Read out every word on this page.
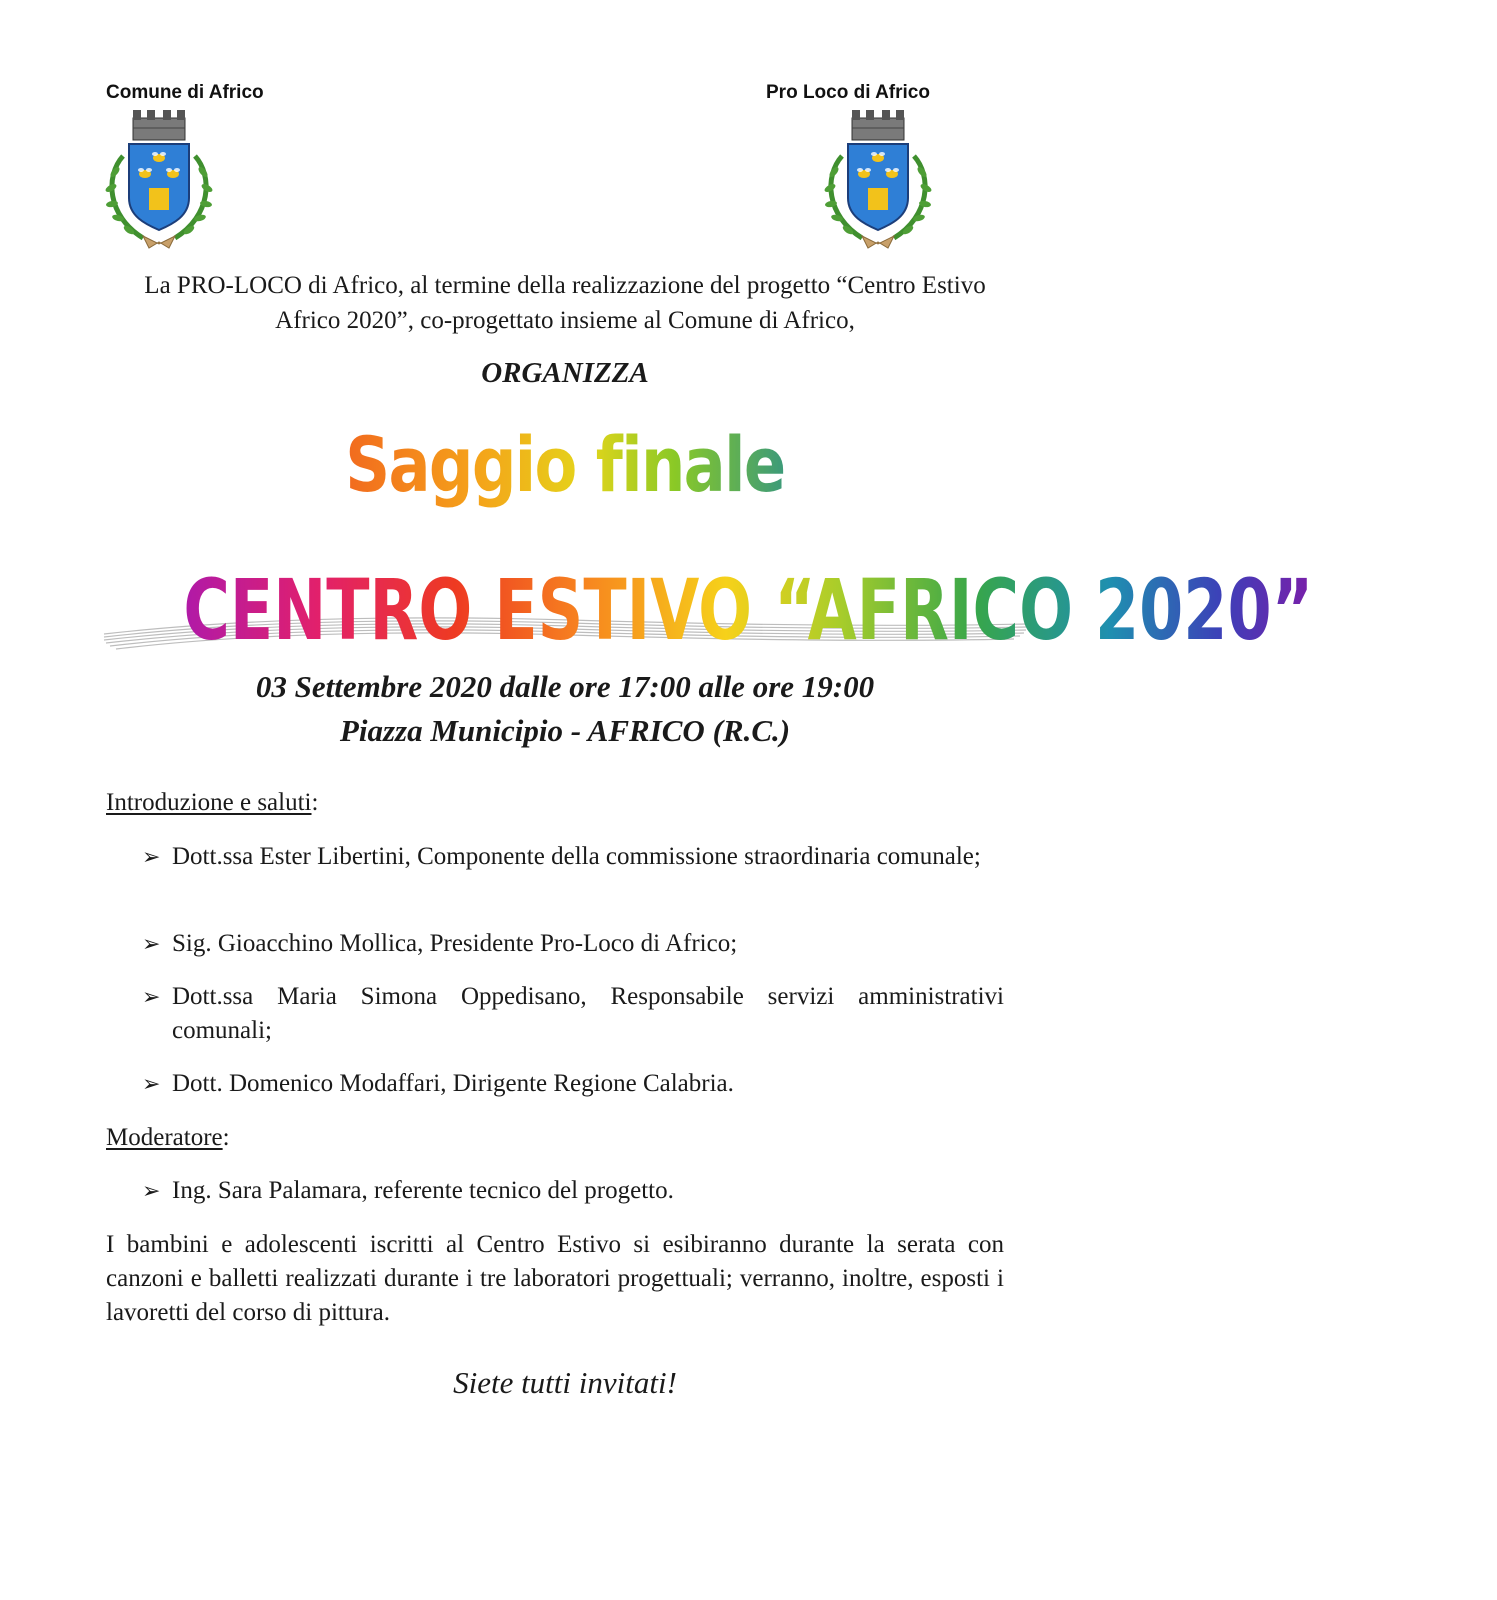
Comune di Africo	Pro Loco di Africo
La PRO-LOCO di Africo, al termine della realizzazione del progetto “Centro Estivo
Africo 2020”, co-progettato insieme al Comune di Africo,
ORGANIZZA
Saggio finale
CENTRO ESTIVO “AFRICO 2020”
03 Settembre 2020 dalle ore 17:00 alle ore 19:00
Piazza Municipio - AFRICO (R.C.)
Introduzione e saluti:
➢ Dott.ssa Ester Libertini, Componente della commissione straordinaria comunale;
➢ Sig. Gioacchino Mollica, Presidente Pro-Loco di Africo;
➢ Dott.ssa Maria Simona Oppedisano, Responsabile servizi amministrativi comunali;
➢ Dott. Domenico Modaffari, Dirigente Regione Calabria.
Moderatore:
➢ Ing. Sara Palamara, referente tecnico del progetto.
I bambini e adolescenti iscritti al Centro Estivo si esibiranno durante la serata con canzoni e balletti realizzati durante i tre laboratori progettuali; verranno, inoltre, esposti i lavoretti del corso di pittura.
Siete tutti invitati!
